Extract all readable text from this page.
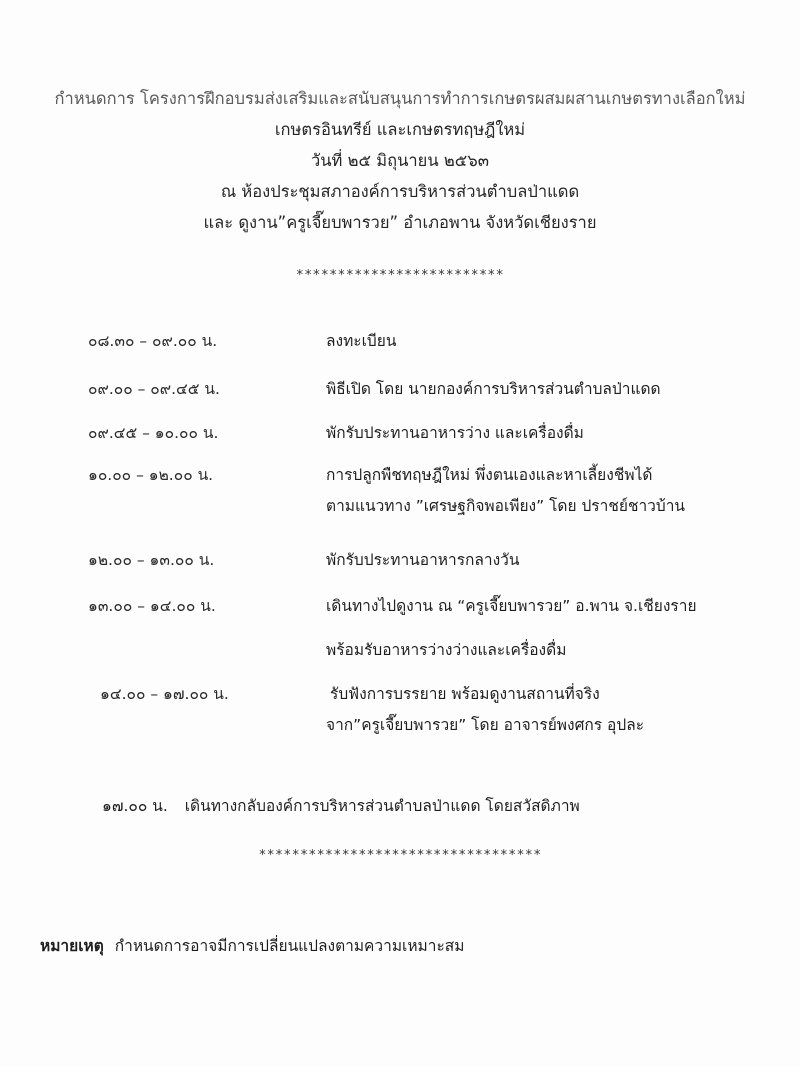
กำหนดการ โครงการฝึกอบรมส่งเสริมและสนับสนุนการทำการเกษตรผสมผสานเกษตรทางเลือกใหม่
เกษตรอินทรีย์ และเกษตรทฤษฎีใหม่
วันที่ ๒๕ มิถุนายน ๒๕๖๓
ณ ห้องประชุมสภาองค์การบริหารส่วนตำบลป่าแดด
และ ดูงาน”ครูเจี๊ยบพารวย” อำเภอพาน จังหวัดเชียงราย
*************************
๐๘.๓๐ – ๐๙.๐๐ น.	ลงทะเบียน
๐๙.๐๐ – ๐๙.๔๕ น.	พิธีเปิด โดย นายกองค์การบริหารส่วนตำบลป่าแดด
๐๙.๔๕ – ๑๐.๐๐ น.	พักรับประทานอาหารว่าง และเครื่องดื่ม
๑๐.๐๐ – ๑๒.๐๐ น.	การปลูกพืชทฤษฎีใหม่ พึ่งตนเองและหาเลี้ยงชีพได้
ตามแนวทาง ”เศรษฐกิจพอเพียง” โดย ปราชย์ชาวบ้าน
๑๒.๐๐ – ๑๓.๐๐ น.	พักรับประทานอาหารกลางวัน
๑๓.๐๐ – ๑๔.๐๐ น.	เดินทางไปดูงาน ณ “ครูเจี๊ยบพารวย” อ.พาน จ.เชียงราย
พร้อมรับอาหารว่างว่างและเครื่องดื่ม
๑๔.๐๐ – ๑๗.๐๐ น.	รับฟังการบรรยาย พร้อมดูงานสถานที่จริง
จาก”ครูเจี๊ยบพารวย” โดย อาจารย์พงศกร อุปละ
๑๗.๐๐ น. เดินทางกลับองค์การบริหารส่วนตำบลป่าแดด โดยสวัสดิภาพ
**********************************
หมายเหตุ กำหนดการอาจมีการเปลี่ยนแปลงตามความเหมาะสม
